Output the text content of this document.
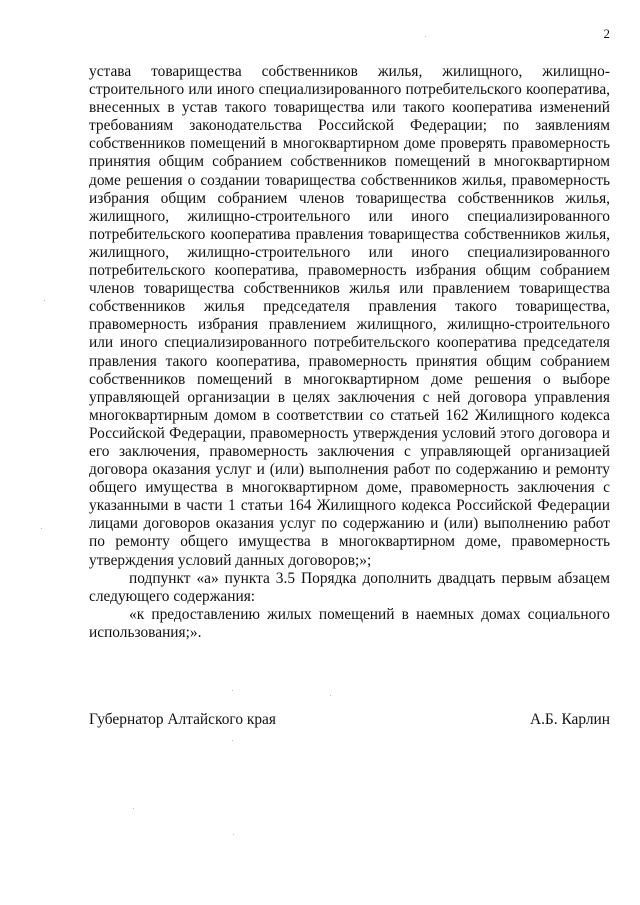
2

устава товарищества собственников жилья, жилищного, жилищно-строительного или иного специализированного потребительского кооператива, внесенных в устав такого товарищества или такого кооператива изменений требованиям законодательства Российской Федерации; по заявлениям собственников помещений в многоквартирном доме проверять правомерность принятия общим собранием собственников помещений в многоквартирном доме решения о создании товарищества собственников жилья, правомерность избрания общим собранием членов товарищества собственников жилья, жилищного, жилищно-строительного или иного специализированного потребительского кооператива правления товарищества собственников жилья, жилищного, жилищно-строительного или иного специализированного потребительского кооператива, правомерность избрания общим собранием членов товарищества собственников жилья или правлением товарищества собственников жилья председателя правления такого товарищества, правомерность избрания правлением жилищного, жилищно-строительного или иного специализированного потребительского кооператива председателя правления такого кооператива, правомерность принятия общим собранием собственников помещений в многоквартирном доме решения о выборе управляющей организации в целях заключения с ней договора управления многоквартирным домом в соответствии со статьей 162 Жилищного кодекса Российской Федерации, правомерность утверждения условий этого договора и его заключения, правомерность заключения с управляющей организацией договора оказания услуг и (или) выполнения работ по содержанию и ремонту общего имущества в многоквартирном доме, правомерность заключения с указанными в части 1 статьи 164 Жилищного кодекса Российской Федерации лицами договоров оказания услуг по содержанию и (или) выполнению работ по ремонту общего имущества в многоквартирном доме, правомерность утверждения условий данных договоров;»;

подпункт «а» пункта 3.5 Порядка дополнить двадцать первым абзацем следующего содержания:

«к предоставлению жилых помещений в наемных домах социального использования;».

Губернатор Алтайского края	А.Б. Карлин
